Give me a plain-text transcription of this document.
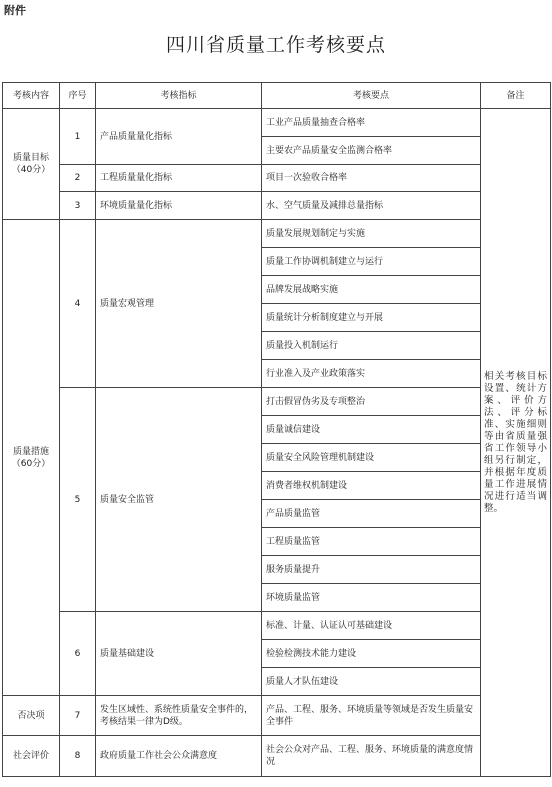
附件
四川省质量工作考核要点
考核内容	序号	考核指标	考核要点	备注
质量目标（40分）	1	产品质量量化指标	工业产品质量抽查合格率	相关考核目标设置、统计方案、评价方法、评分标准、实施细则等由省质量强省工作领导小组另行制定，并根据年度质量工作进展情况进行适当调整。
			主要农产品质量安全监测合格率	
	2	工程质量量化指标	项目一次验收合格率	
	3	环境质量量化指标	水、空气质量及减排总量指标	
质量措施（60分）	4	质量宏观管理	质量发展规划制定与实施	
			质量工作协调机制建立与运行	
			品牌发展战略实施	
			质量统计分析制度建立与开展	
			质量投入机制运行	
			行业准入及产业政策落实	
	5	质量安全监管	打击假冒伪劣及专项整治	
			质量诚信建设	
			质量安全风险管理机制建设	
			消费者维权机制建设	
			产品质量监管	
			工程质量监管	
			服务质量提升	
			环境质量监管	
	6	质量基础建设	标准、计量、认证认可基础建设	
			检验检测技术能力建设	
			质量人才队伍建设	
否决项	7	发生区域性、系统性质量安全事件的，考核结果一律为D级。	产品、工程、服务、环境质量等领域是否发生质量安全事件	
社会评价	8	政府质量工作社会公众满意度	社会公众对产品、工程、服务、环境质量的满意度情况	
